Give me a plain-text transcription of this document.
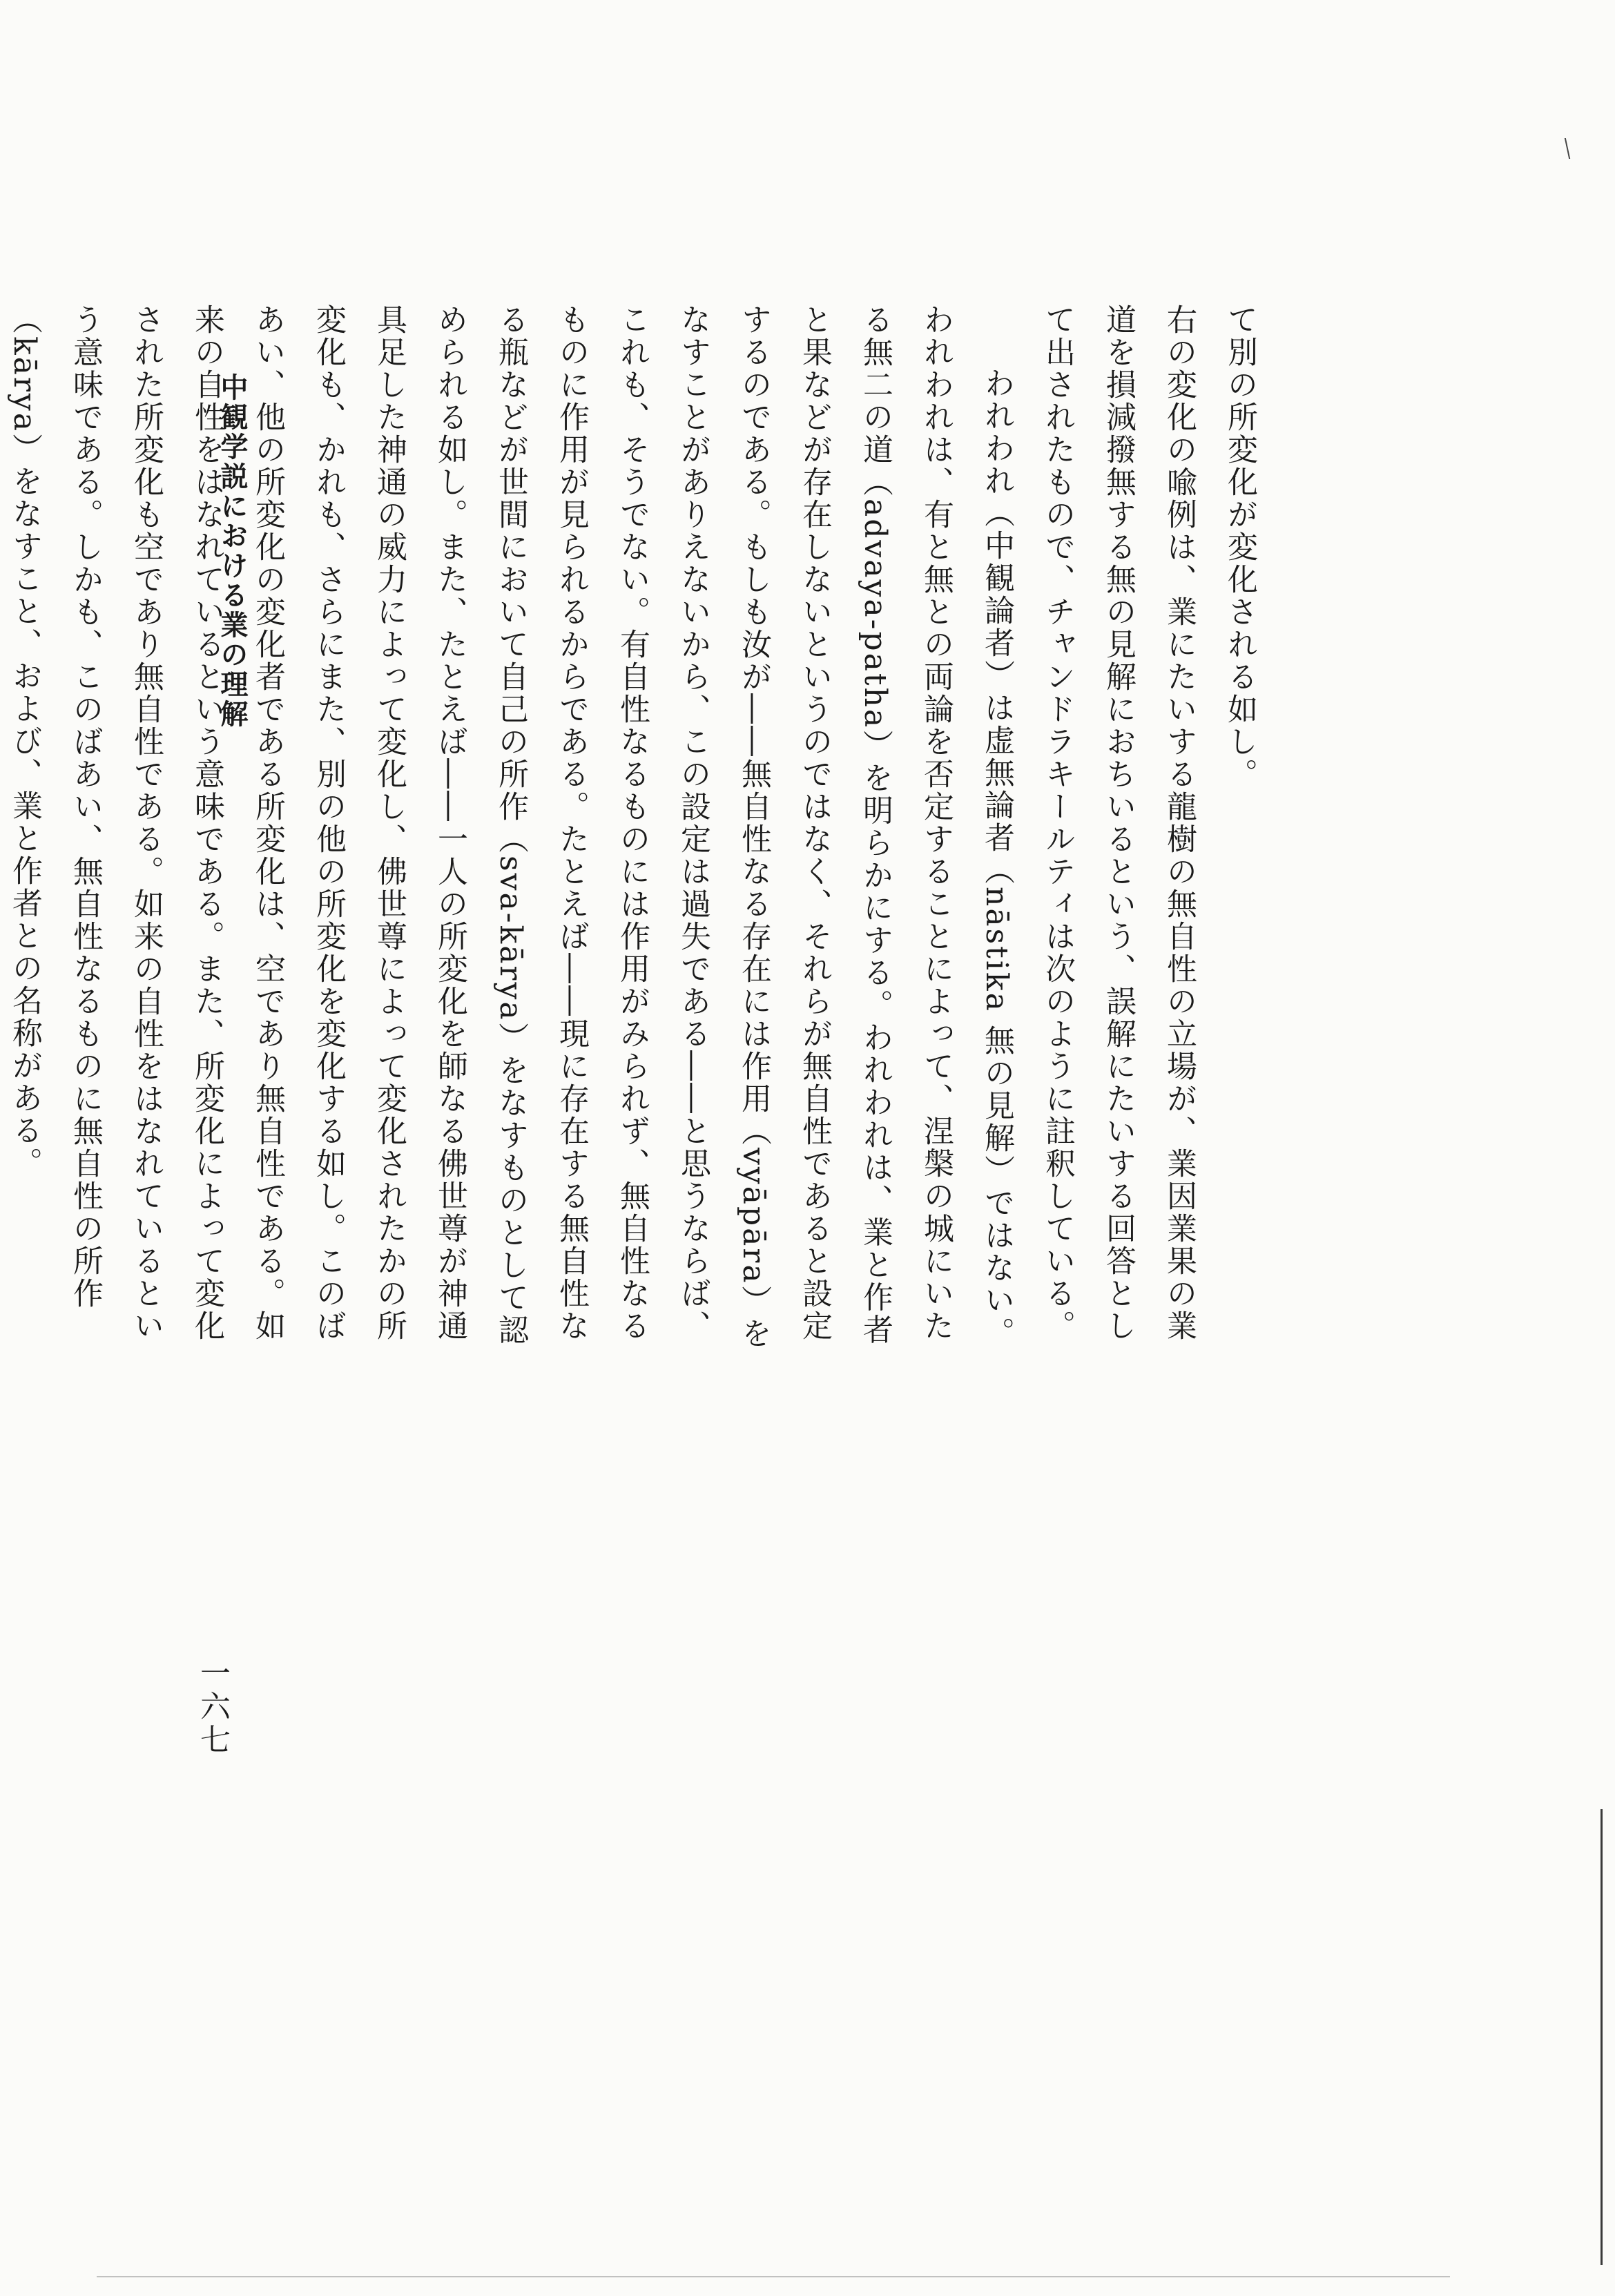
て別の所変化が変化される如し。

右の変化の喩例は、業にたいする龍樹の無自性の立場が、業因業果の業道を損減撥無する無の見解におちいるという、誤解にたいする回答として出されたもので、チャンドラキールティは次のように註釈している。

われわれ（中観論者）は虚無論者（nāstika 無の見解）ではない。われわれは、有と無との両論を否定することによって、涅槃の城にいたる無二の道（advaya-patha）を明らかにする。われわれは、業と作者と果などが存在しないというのではなく、それらが無自性であると設定するのである。もしも汝が――無自性なる存在には作用（vyāpāra）をなすことがありえないから、この設定は過失である――と思うならば、これも、そうでない。有自性なるものには作用がみられず、無自性なるものに作用が見られるからである。たとえば――現に存在する無自性なる瓶などが世間において自己の所作（sva-kārya）をなすものとして認められる如し。また、たとえば――一人の所変化を師なる佛世尊が神通具足した神通の威力によって変化し、佛世尊によって変化されたかの所変化も、かれも、さらにまた、別の他の所変化を変化する如し。このばあい、他の所変化の変化者である所変化は、空であり無自性である。如来の自性をはなれているという意味である。また、所変化によって変化された所変化も空であり無自性である。如来の自性をはなれているという意味である。しかも、このばあい、無自性なるものに無自性の所作（kārya）をなすこと、および、業と作者との名称がある。

一六七
中観学説における業の理解
